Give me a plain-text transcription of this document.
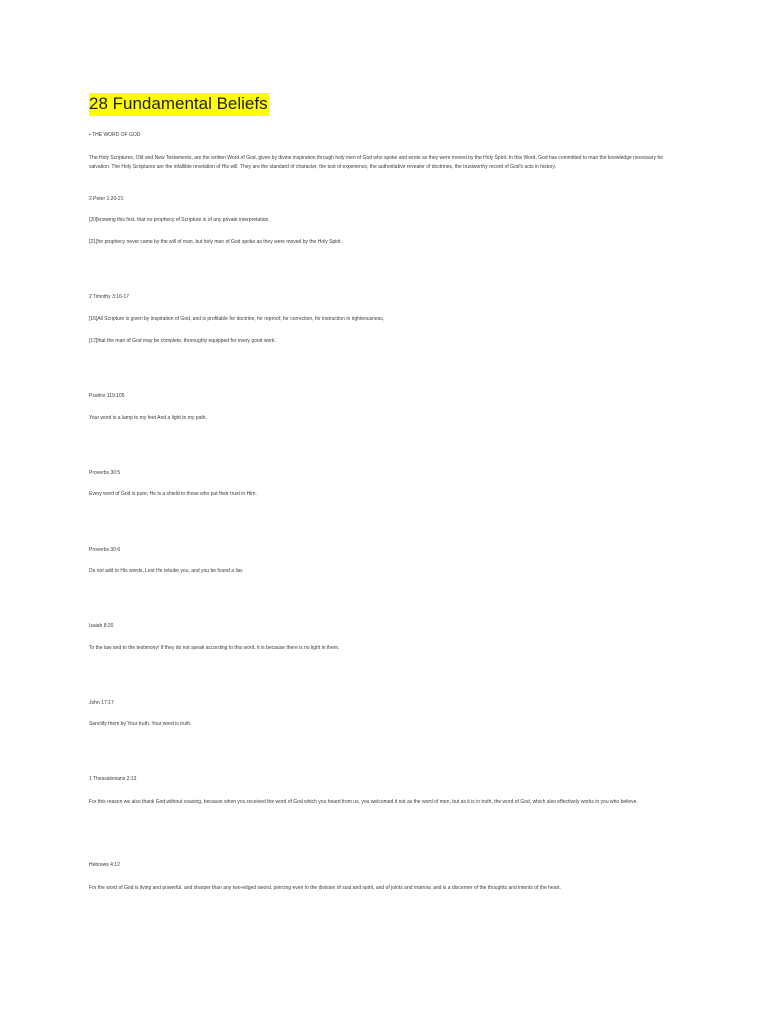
28 Fundamental Beliefs

• THE WORD OF GOD

The Holy Scriptures, Old and New Testaments, are the written Word of God, given by divine inspiration through holy men of God who spoke and wrote as they were moved by the Holy Spirit. In this Word, God has committed to man the knowledge necessary for salvation. The Holy Scriptures are the infallible revelation of His will. They are the standard of character, the test of experience, the authoritative revealer of doctrines, the trustworthy record of God's acts in history.

2 Peter 1:20-21

[20]knowing this first, that no prophecy of Scripture is of any private interpretation,

[21]for prophecy never came by the will of man, but holy men of God spoke as they were moved by the Holy Spirit.

2 Timothy 3:16-17

[16]All Scripture is given by inspiration of God, and is profitable for doctrine, for reproof, for correction, for instruction in righteousness,

[17]that the man of God may be complete, thoroughly equipped for every good work.

Psalms 119:105

Your word is a lamp to my feet And a light to my path.

Proverbs 30:5

Every word of God is pure; He is a shield to those who put their trust in Him.

Proverbs 30:6

Do not add to His words, Lest He rebuke you, and you be found a liar.

Isaiah 8:20

To the law and to the testimony! If they do not speak according to this word, it is because there is no light in them.

John 17:17

Sanctify them by Your truth. Your word is truth.

1 Thessalonians 2:13

For this reason we also thank God without ceasing, because when you received the word of God which you heard from us, you welcomed it not as the word of men, but as it is in truth, the word of God, which also effectively works in you who believe.

Hebrews 4:12

For the word of God is living and powerful, and sharper than any two-edged sword, piercing even to the division of soul and spirit, and of joints and marrow, and is a discerner of the thoughts and intents of the heart.
